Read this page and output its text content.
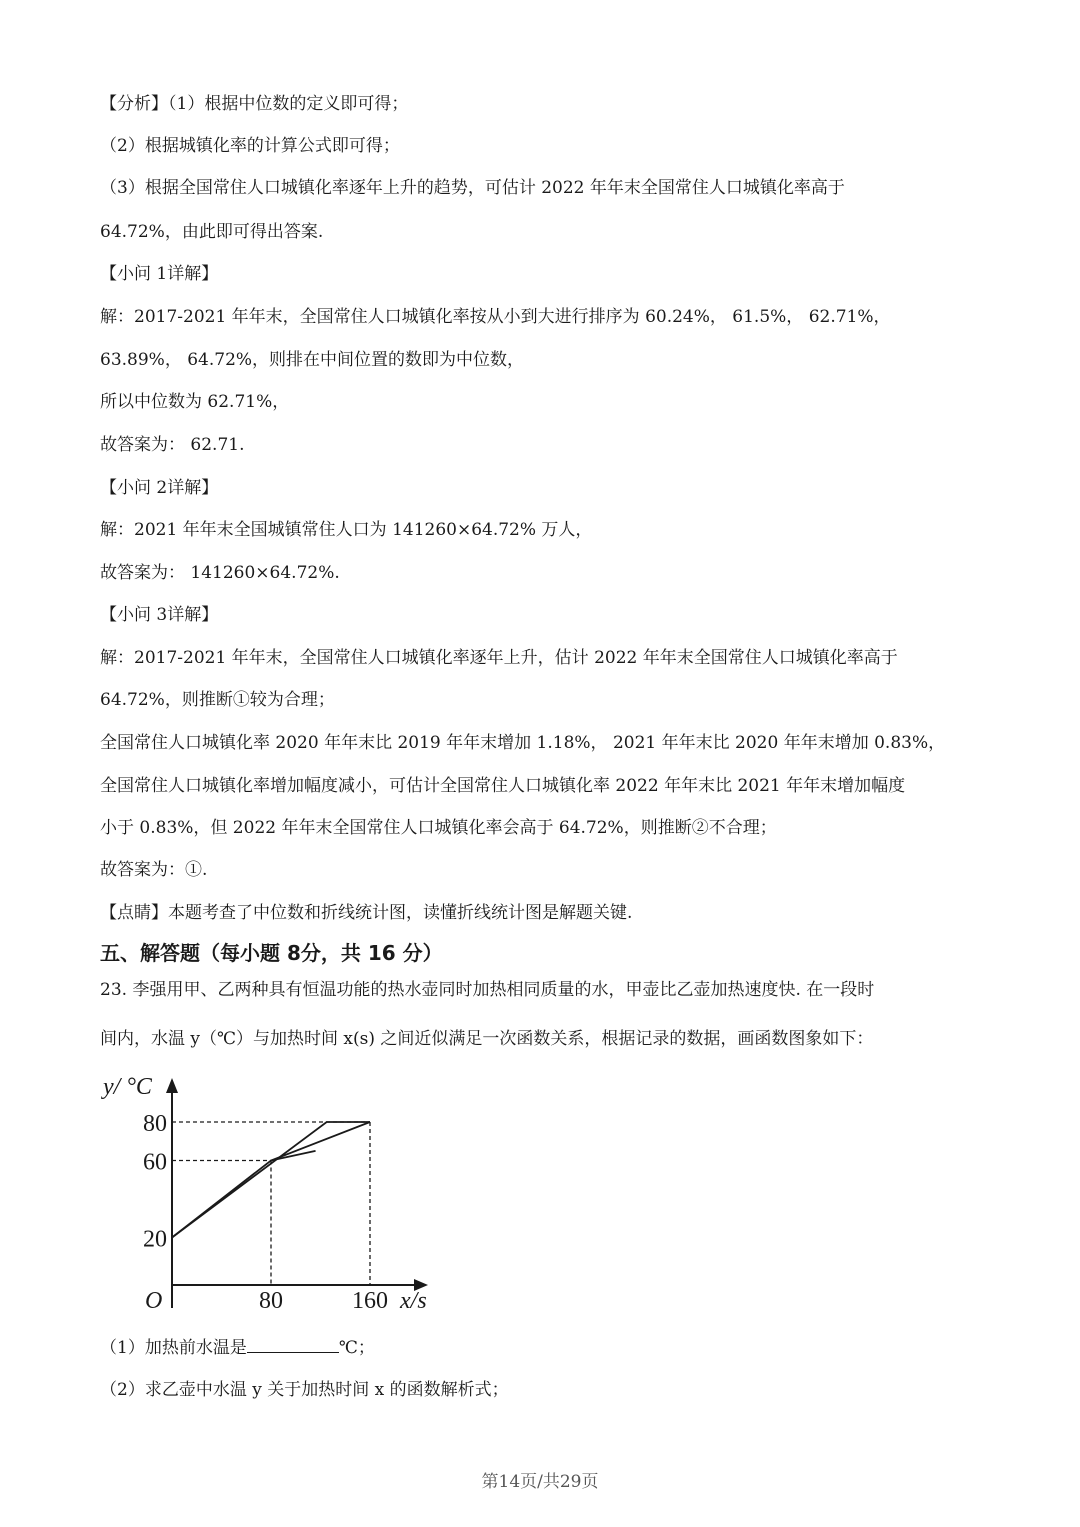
【分析】（1）根据中位数的定义即可得；
（2）根据城镇化率的计算公式即可得；
（3）根据全国常住人口城镇化率逐年上升的趋势，可估计 2022 年年末全国常住人口城镇化率高于
64.72%，由此即可得出答案.
【小问 1详解】
解：2017-2021 年年末，全国常住人口城镇化率按从小到大进行排序为 60.24%， 61.5%， 62.71%，
63.89%， 64.72%，则排在中间位置的数即为中位数，
所以中位数为 62.71%，
故答案为： 62.71.
【小问 2详解】
解：2021 年年末全国城镇常住人口为 141260×64.72% 万人，
故答案为： 141260×64.72%.
【小问 3详解】
解：2017-2021 年年末，全国常住人口城镇化率逐年上升，估计 2022 年年末全国常住人口城镇化率高于
64.72%，则推断①较为合理；
全国常住人口城镇化率 2020 年年末比 2019 年年末增加 1.18%， 2021 年年末比 2020 年年末增加 0.83%，
全国常住人口城镇化率增加幅度减小，可估计全国常住人口城镇化率 2022 年年末比 2021 年年末增加幅度
小于 0.83%，但 2022 年年末全国常住人口城镇化率会高于 64.72%，则推断②不合理；
故答案为：①.
【点睛】本题考查了中位数和折线统计图，读懂折线统计图是解题关键.
五、解答题（每小题 8分，共 16 分）
23. 李强用甲、乙两种具有恒温功能的热水壶同时加热相同质量的水，甲壶比乙壶加热速度快. 在一段时
间内，水温 y（℃）与加热时间 x(s) 之间近似满足一次函数关系，根据记录的数据，画函数图象如下：
y/ °C
x/s
O
20
60
80
80	160
（1）加热前水温是	℃；
（2）求乙壶中水温 y 关于加热时间 x 的函数解析式；
第14页/共29页
